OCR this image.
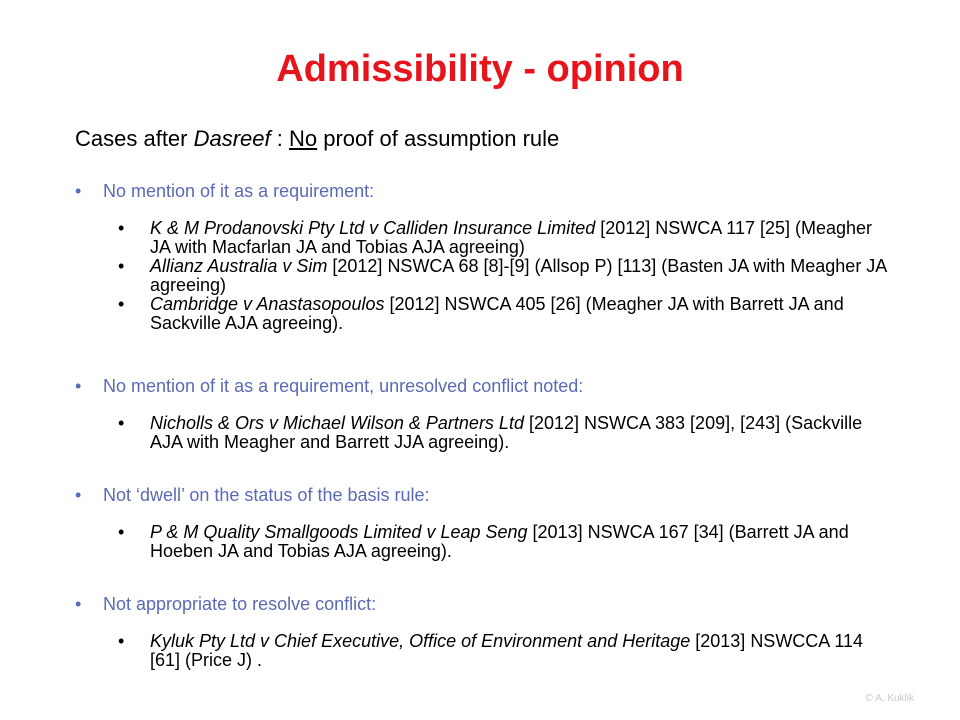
Admissibility - opinion
Cases after Dasreef : No proof of assumption rule
• No mention of it as a requirement:
• K & M Prodanovski Pty Ltd v Calliden Insurance Limited [2012] NSWCA 117 [25] (Meagher JA with Macfarlan JA and Tobias AJA agreeing)
• Allianz Australia v Sim [2012] NSWCA 68 [8]-[9] (Allsop P) [113] (Basten JA with Meagher JA agreeing)
• Cambridge v Anastasopoulos [2012] NSWCA 405 [26] (Meagher JA with Barrett JA and Sackville AJA agreeing).
• No mention of it as a requirement, unresolved conflict noted:
• Nicholls & Ors v Michael Wilson & Partners Ltd [2012] NSWCA 383 [209], [243] (Sackville AJA with Meagher and Barrett JJA agreeing).
• Not ‘dwell’ on the status of the basis rule:
• P & M Quality Smallgoods Limited v Leap Seng [2013] NSWCA 167 [34] (Barrett JA and Hoeben JA and Tobias AJA agreeing).
• Not appropriate to resolve conflict:
• Kyluk Pty Ltd v Chief Executive, Office of Environment and Heritage [2013] NSWCCA 114 [61] (Price J) .
© A. Kuklik
